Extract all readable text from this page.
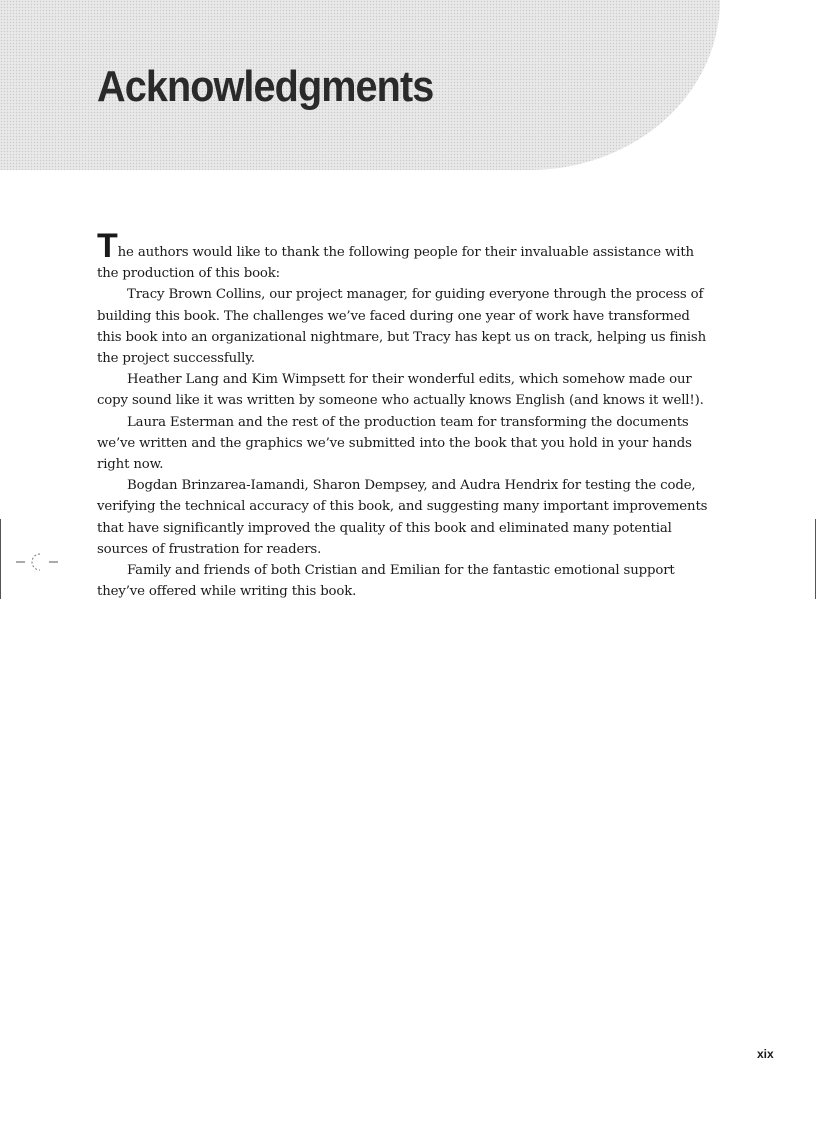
Acknowledgments

The authors would like to thank the following people for their invaluable assistance with the production of this book:

Tracy Brown Collins, our project manager, for guiding everyone through the process of building this book. The challenges we’ve faced during one year of work have transformed this book into an organizational nightmare, but Tracy has kept us on track, helping us finish the project successfully.

Heather Lang and Kim Wimpsett for their wonderful edits, which somehow made our copy sound like it was written by someone who actually knows English (and knows it well!).

Laura Esterman and the rest of the production team for transforming the documents we’ve written and the graphics we’ve submitted into the book that you hold in your hands right now.

Bogdan Brinzarea-Iamandi, Sharon Dempsey, and Audra Hendrix for testing the code, verifying the technical accuracy of this book, and suggesting many important improvements that have significantly improved the quality of this book and eliminated many potential sources of frustration for readers.

Family and friends of both Cristian and Emilian for the fantastic emotional support they’ve offered while writing this book.

xix
